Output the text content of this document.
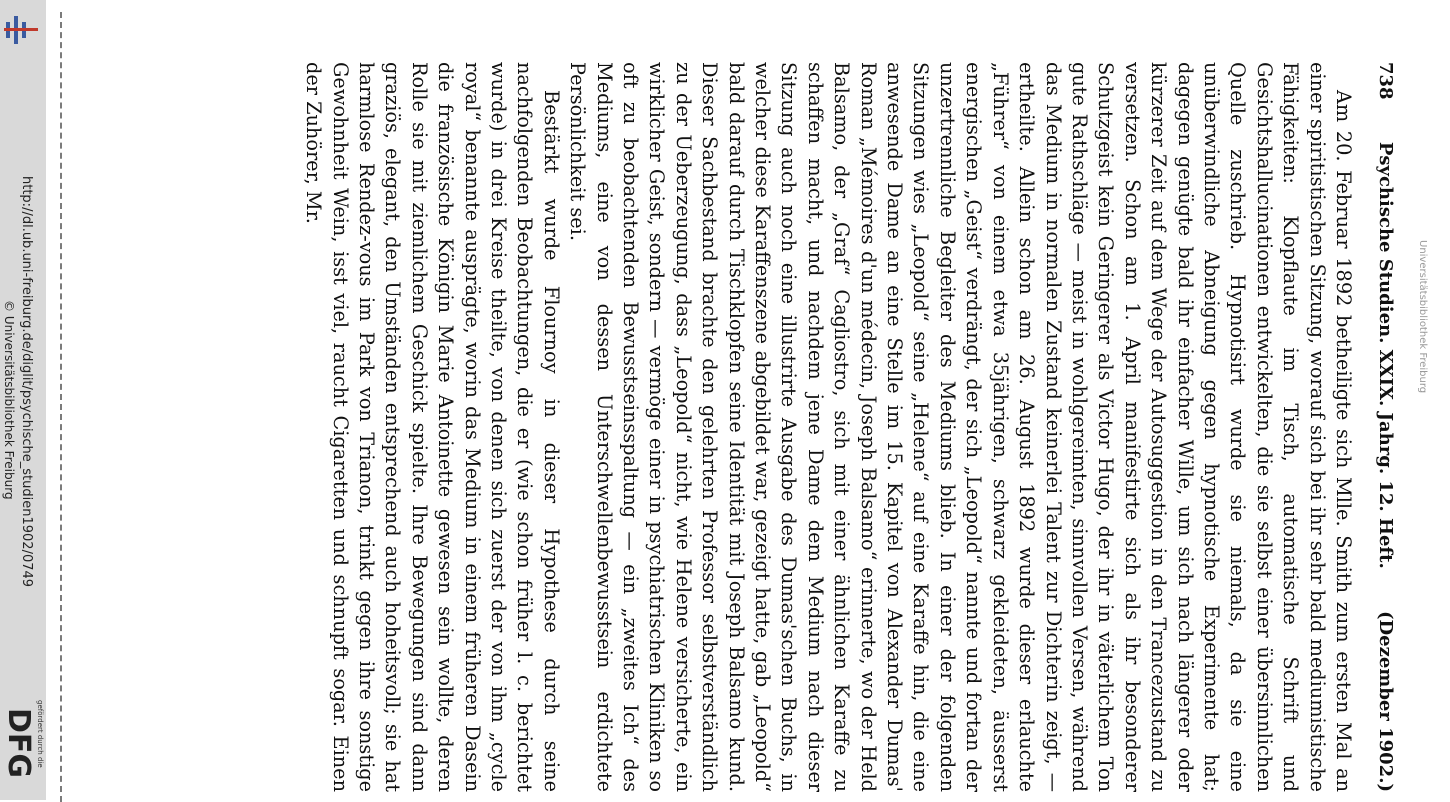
http://dl.ub.uni-freiburg.de/diglit/psychische_studien1902/0749
© Universitätsbibliothek Freiburg
gefördert durch die
DFG
Universitätsbibliothek Freiburg
738
Psychische Studien. XXIX. Jahrg. 12. Heft.
(Dezember 1902.)

Am 20. Februar 1892 betheiligte sich Mlle. Smith zum ersten Mal an einer spiritistischen Sitzung, worauf sich bei ihr sehr bald mediumistische Fähigkeiten: Klopflaute im Tisch, automatische Schrift und Gesichtshallucinationen entwickelten, die sie selbst einer übersinnlichen Quelle zuschrieb. Hypnotisirt wurde sie niemals, da sie eine unüberwindliche Abneigung gegen hypnotische Experimente hat; dagegen genügte bald ihr einfacher Wille, um sich nach längerer oder kürzerer Zeit auf dem Wege der Autosuggestion in den Trancezustand zu versetzen. Schon am 1. April manifestirte sich als ihr besonderer Schutzgeist kein Geringerer als Victor Hugo, der ihr in väterlichem Ton gute Rathschläge — meist in wohlgereimten, sinnvollen Versen, während das Medium in normalen Zustand keinerlei Talent zur Dichterin zeigt, — ertheilte. Allein schon am 26. August 1892 wurde dieser erlauchte „Führer“ von einem etwa 35jährigen, schwarz gekleideten, äusserst energischen „Geist“ verdrängt, der sich „Leopold“ nannte und fortan der unzertrennliche Begleiter des Mediums blieb. In einer der folgenden Sitzungen wies „Leopold“ seine „Helene“ auf eine Karaffe hin, die eine anwesende Dame an eine Stelle im 15. Kapitel von Alexander Dumas' Roman „Mémoires d'un médecin, Joseph Balsamo“ erinnerte, wo der Held Balsamo, der „Graf“ Cagliostro, sich mit einer ähnlichen Karaffe zu schaffen macht, und nachdem jene Dame dem Medium nach dieser Sitzung auch noch eine illustrirte Ausgabe des Dumas'schen Buchs, in welcher diese Karaffenszene abgebildet war, gezeigt hatte, gab „Leopold“ bald darauf durch Tischklopfen seine Identität mit Joseph Balsamo kund. Dieser Sachbestand brachte den gelehrten Professor selbstverständlich zu der Ueberzeugung, dass „Leopold“ nicht, wie Helene versicherte, ein wirklicher Geist, sondern — vermöge einer in psychiatrischen Kliniken so oft zu beobachtenden Bewusstseinsspaltung — ein „zweites Ich“ des Mediums, eine von dessen Unterschwellenbewusstsein erdichtete Persönlichkeit sei.

Bestärkt wurde Flournoy in dieser Hypothese durch seine nachfolgenden Beobachtungen, die er (wie schon früher l. c. berichtet wurde) in drei Kreise theilte, von denen sich zuerst der von ihm „cycle royal“ benannte ausprägte, worin das Medium in einem früheren Dasein die französische Königin Marie Antoinette gewesen sein wollte, deren Rolle sie mit ziemlichem Geschick spielte. Ihre Bewegungen sind dann graziös, elegant, den Umständen entsprechend auch hoheitsvoll; sie hat harmlose Rendez-vous im Park von Trianon, trinkt gegen ihre sonstige Gewohnheit Wein, isst viel, raucht Cigaretten und schnupft sogar. Einen der Zuhörer, Mr.
